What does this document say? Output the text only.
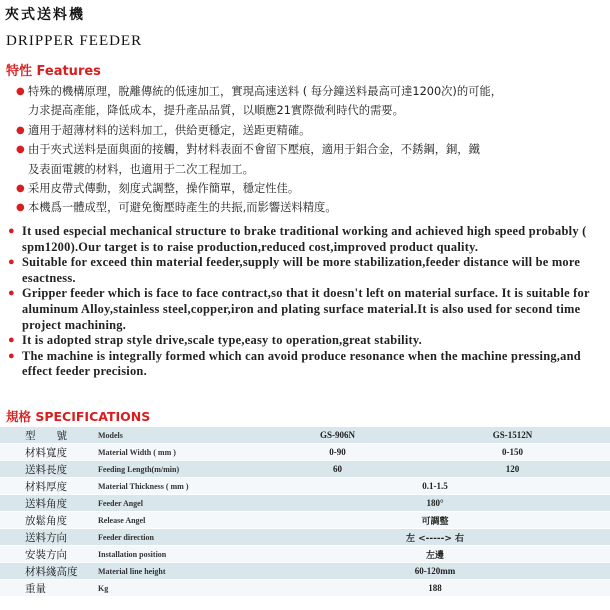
夾式送料機
DRIPPER FEEDER
特性 Features
● 特殊的機構原理，脫離傳統的低速加工，實現高速送料 ( 每分鐘送料最高可達1200次)的可能，
力求提高產能，降低成本，提升產品品質，以順應21實際微利時代的需要。
● 適用于超薄材料的送料加工，供給更穩定，送距更精確。
● 由于夾式送料是面與面的接觸，對材料表面不會留下壓痕，適用于鋁合金，不銹鋼，銅，鐵
及表面電鍍的材料，也適用于二次工程加工。
● 采用皮帶式傳動，刻度式調整，操作簡單，穩定性佳。
● 本機爲一體成型，可避免衡壓時產生的共振,而影響送料精度。
● It used especial mechanical structure to brake traditional working and achieved high speed probably ( spm1200).Our target is to raise production,reduced cost,improved product quality.
● Suitable for exceed thin material feeder,supply will be more stabilization,feeder distance will be more esactness.
● Gripper feeder which is face to face contract,so that it doesn't left on material surface. It is suitable for aluminum Alloy,stainless steel,copper,iron and plating surface material.It is also used for second time project machining.
● It is adopted strap style drive,scale type,easy to operation,great stability.
● The machine is integrally formed which can avoid produce resonance when the machine pressing,and effect feeder precision.
規格 SPECIFICATIONS
型　　號	Models	GS-906N	GS-1512N
材料寬度	Material Width ( mm )	0-90	0-150
送料長度	Feeding Length(m/min)	60	120
材料厚度	Material Thickness ( mm )	0.1-1.5	
送料角度	Feeder Angel	180°	
放鬆角度	Release Angel	可調整	
送料方向	Feeder direction	左 <-----> 右	
安裝方向	Installation position	左邊	
材料綫高度	Material line height	60-120mm	
重量	Kg	188	
